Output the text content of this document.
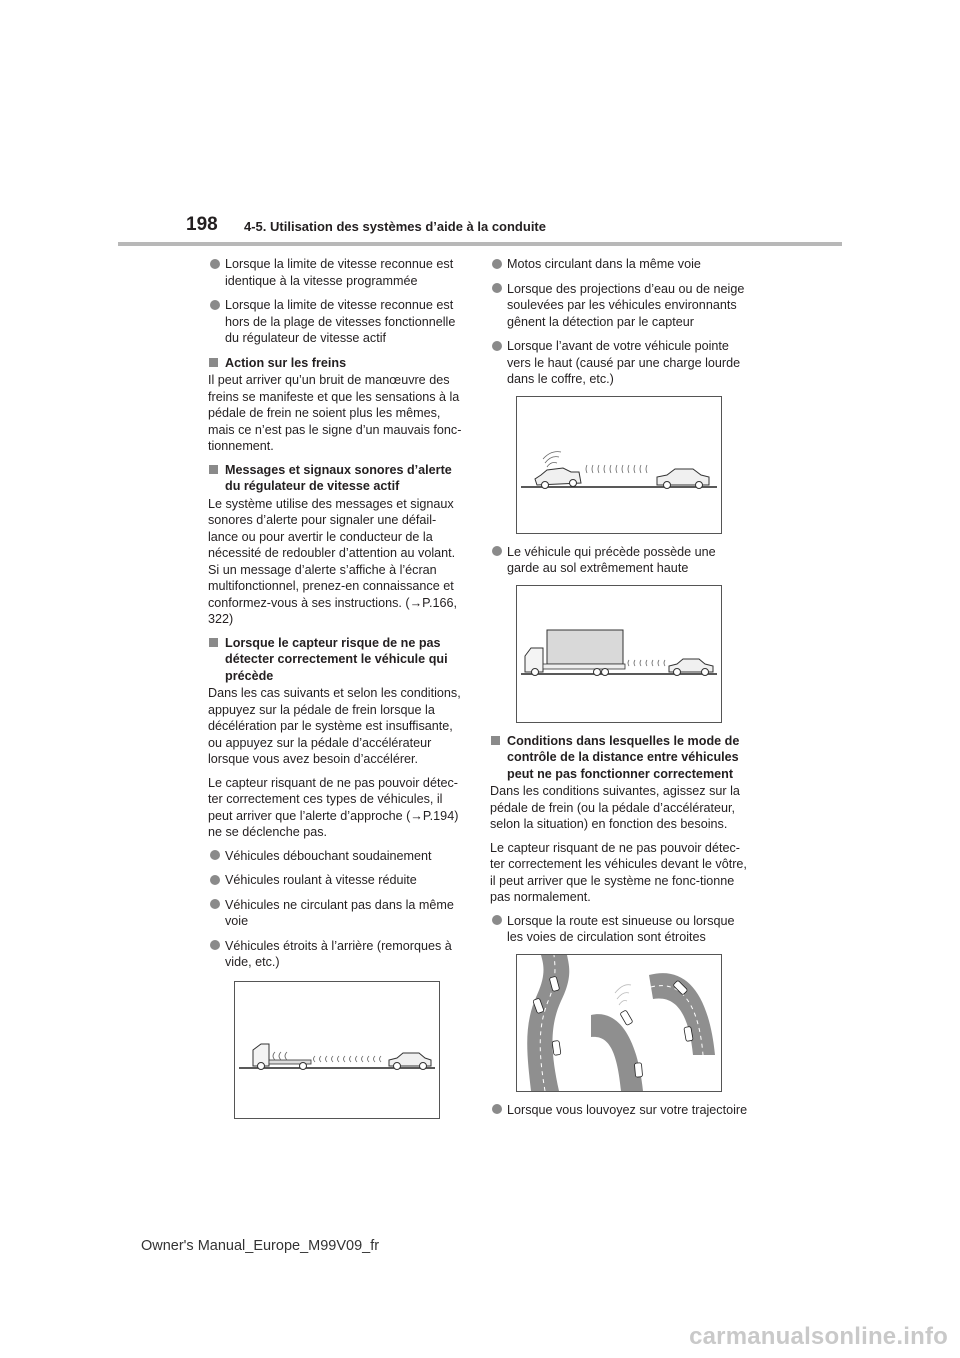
198 4-5. Utilisation des systèmes d’aide à la conduite
Lorsque la limite de vitesse reconnue est identique à la vitesse programmée
Lorsque la limite de vitesse reconnue est hors de la plage de vitesses fonctionnelle du régulateur de vitesse actif
Action sur les freins

Il peut arriver qu’un bruit de manœuvre des freins se manifeste et que les sensations à la pédale de frein ne soient plus les mêmes, mais ce n’est pas le signe d’un mauvais fonc-tionnement.

Messages et signaux sonores d’alerte du régulateur de vitesse actif

Le système utilise des messages et signaux sonores d’alerte pour signaler une défail-lance ou pour avertir le conducteur de la nécessité de redoubler d’attention au volant. Si un message d’alerte s’affiche à l’écran multifonctionnel, prenez-en connaissance et conformez-vous à ses instructions. (→P.166, 322)

Lorsque le capteur risque de ne pas détecter correctement le véhicule qui précède

Dans les cas suivants et selon les conditions, appuyez sur la pédale de frein lorsque la décélération par le système est insuffisante, ou appuyez sur la pédale d’accélérateur lorsque vous avez besoin d’accélérer.

Le capteur risquant de ne pas pouvoir détec-ter correctement ces types de véhicules, il peut arriver que l’alerte d’approche (→P.194) ne se déclenche pas.

Véhicules débouchant soudainement
Véhicules roulant à vitesse réduite
Véhicules ne circulant pas dans la même voie
Véhicules étroits à l’arrière (remorques à vide, etc.)
Motos circulant dans la même voie
Lorsque des projections d’eau ou de neige soulevées par les véhicules environnants gênent la détection par le capteur
Lorsque l’avant de votre véhicule pointe vers le haut (causé par une charge lourde dans le coffre, etc.)
Le véhicule qui précède possède une garde au sol extrêmement haute
Conditions dans lesquelles le mode de contrôle de la distance entre véhicules peut ne pas fonctionner correctement

Dans les conditions suivantes, agissez sur la pédale de frein (ou la pédale d’accélérateur, selon la situation) en fonction des besoins.

Le capteur risquant de ne pas pouvoir détec-ter correctement les véhicules devant le vôtre, il peut arriver que le système ne fonc-tionne pas normalement.

Lorsque la route est sinueuse ou lorsque les voies de circulation sont étroites
Lorsque vous louvoyez sur votre trajectoire
Owner's Manual_Europe_M99V09_fr
carmanualsonline.info
